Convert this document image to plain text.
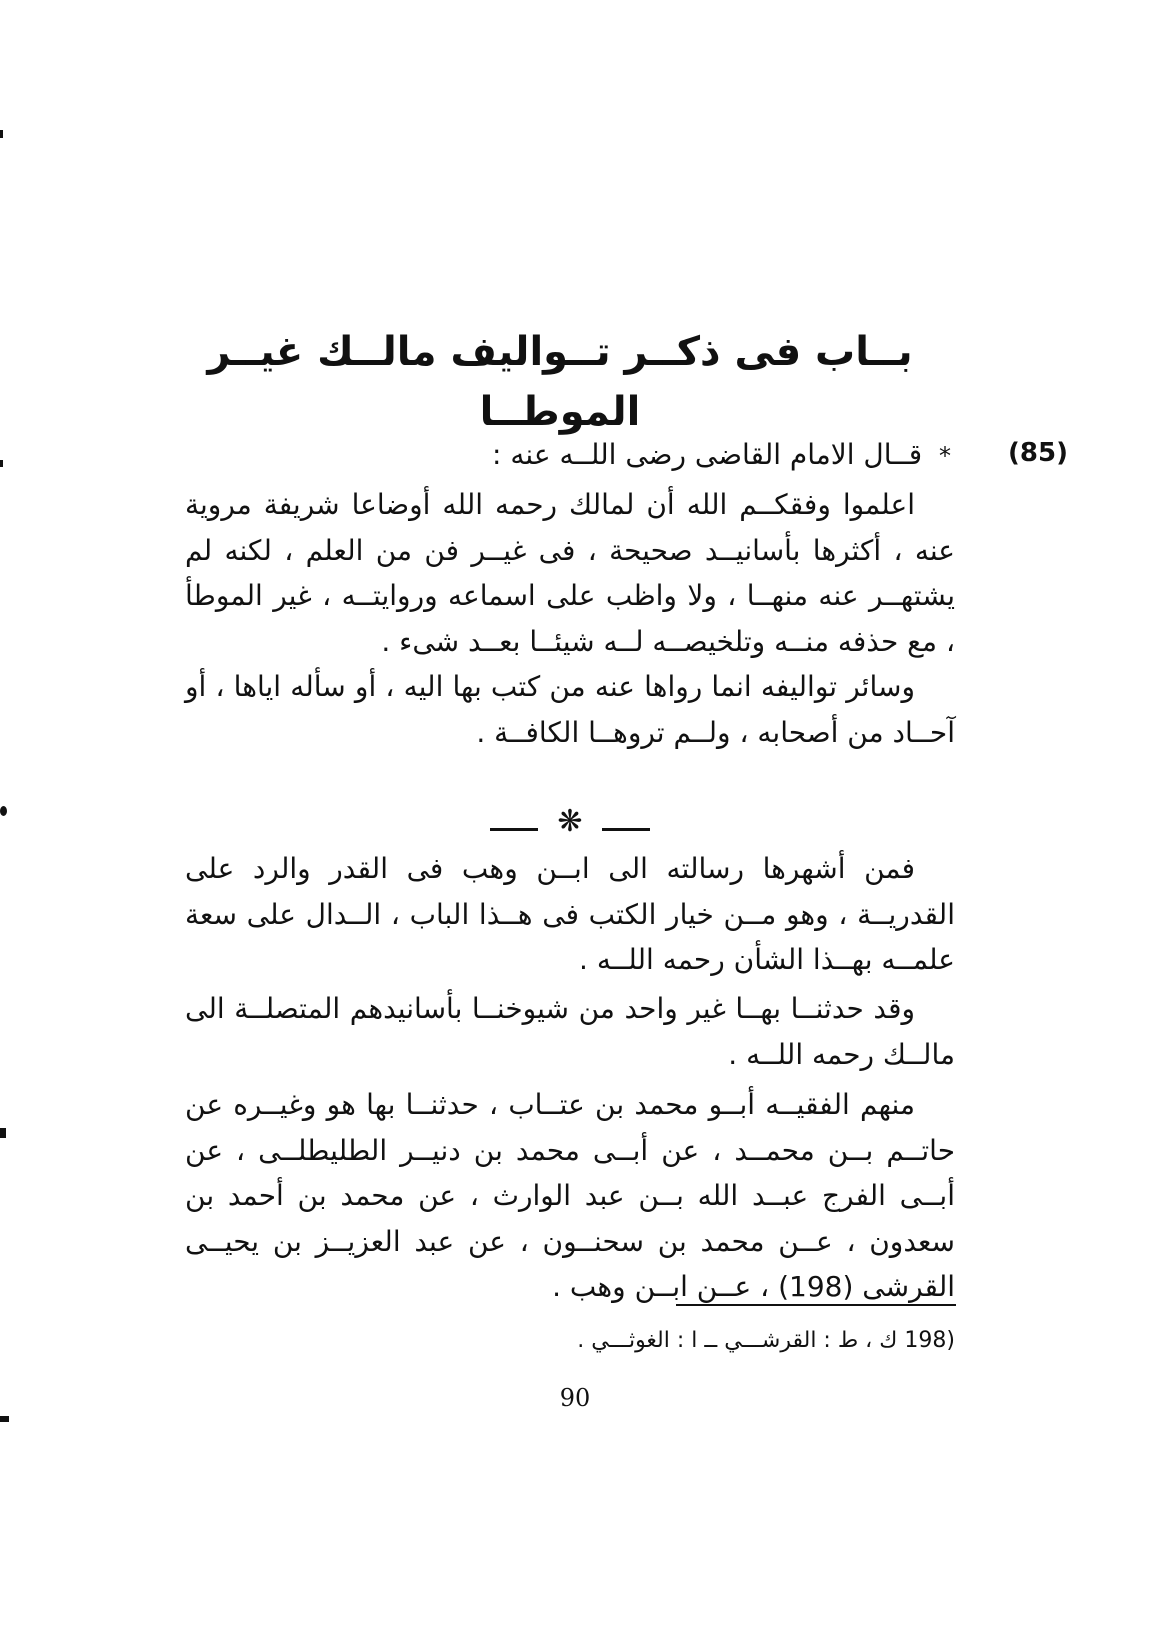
بــاب فى ذكــر تــواليف مالــك غيــر الموطــا
(85)
* قــال الامام القاضى رضى اللــه عنه :
اعلموا وفقكــم الله أن لمالك رحمه الله أوضاعا شريفة مروية عنه ، أكثرها بأسانيــد صحيحة ، فى غيــر فن من العلم ، لكنه لم يشتهــر عنه منهــا ، ولا واظب على اسماعه وروايتــه ، غير الموطأ ، مع حذفه منــه وتلخيصــه لــه شيئــا بعــد شىء .
وسائر تواليفه انما رواها عنه من كتب بها اليه ، أو سأله اياها ، أو آحــاد من أصحابه ، ولــم تروهــا الكافــة .
❋
فمن أشهرها رسالته الى ابــن وهب فى القدر والرد على القدريــة ، وهو مــن خيار الكتب فى هــذا الباب ، الــدال على سعة علمــه بهــذا الشأن رحمه اللــه .
وقد حدثنــا بهــا غير واحد من شيوخنــا بأسانيدهم المتصلــة الى مالــك رحمه اللــه .
منهم الفقيــه أبــو محمد بن عتــاب ، حدثنــا بها هو وغيــره عن حاتــم بــن محمــد ، عن أبــى محمد بن دنيــر الطليطلــى ، عن أبــى الفرج عبــد الله بــن عبد الوارث ، عن محمد بن أحمد بن سعدون ، عــن محمد بن سحنــون ، عن عبد العزيــز بن يحيــى القرشى (198) ، عــن ابــن وهب .
(198 ك ، ط : القرشـــي ــ ا : الغوثـــي .
90
